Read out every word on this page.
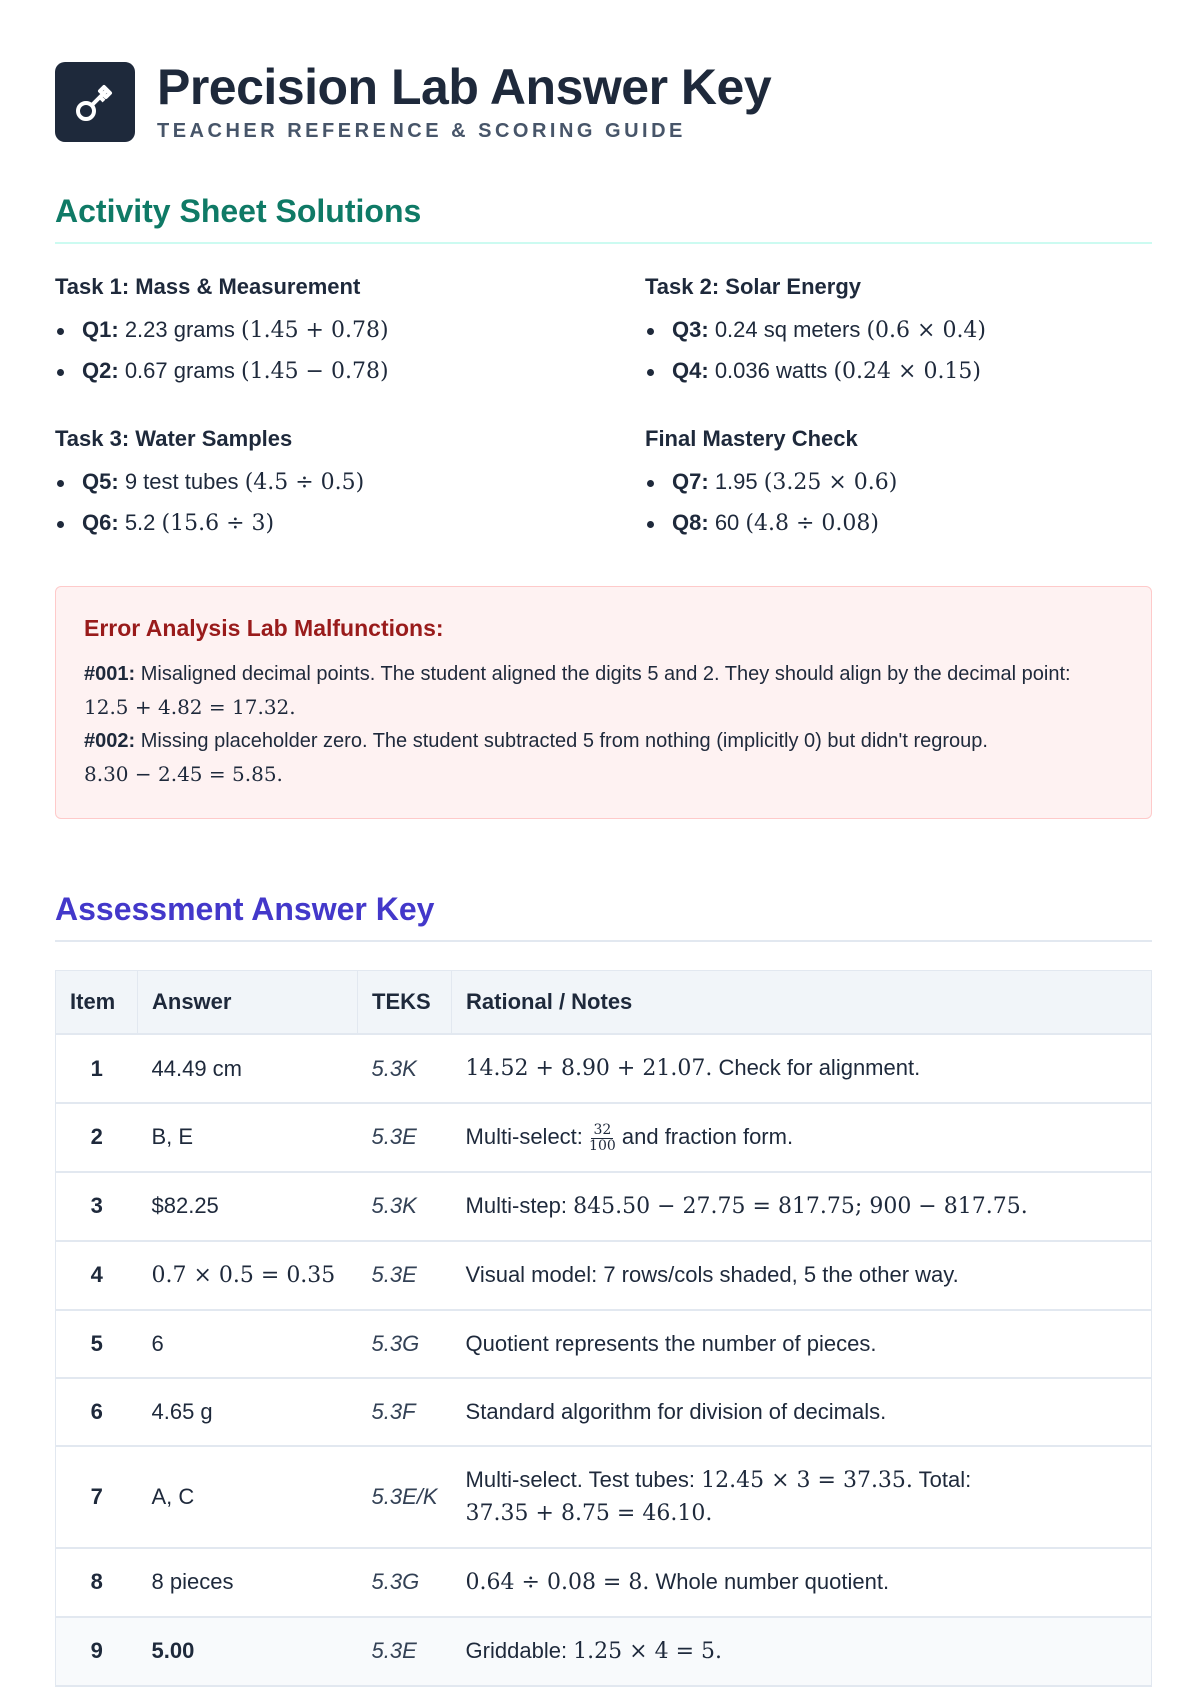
Precision Lab Answer Key
TEACHER REFERENCE & SCORING GUIDE
Activity Sheet Solutions
Task 1: Mass & Measurement
Q1: 2.23 grams (1.45 + 0.78)
Q2: 0.67 grams (1.45 − 0.78)
Task 2: Solar Energy
Q3: 0.24 sq meters (0.6 × 0.4)
Q4: 0.036 watts (0.24 × 0.15)
Task 3: Water Samples
Q5: 9 test tubes (4.5 ÷ 0.5)
Q6: 5.2 (15.6 ÷ 3)
Final Mastery Check
Q7: 1.95 (3.25 × 0.6)
Q8: 60 (4.8 ÷ 0.08)
Error Analysis Lab Malfunctions:

#001: Misaligned decimal points. The student aligned the digits 5 and 2. They should align by the decimal point:
12.5 + 4.82 = 17.32.

#002: Missing placeholder zero. The student subtracted 5 from nothing (implicitly 0) but didn't regroup.
8.30 − 2.45 = 5.85.

Assessment Answer Key
Item	Answer	TEKS	Rational / Notes
1	44.49 cm	5.3K	14.52 + 8.90 + 21.07. Check for alignment.
2	B, E	5.3E	Multi-select: $\frac{32}{100}$ and fraction form.
3	$82.25	5.3K	Multi-step: 845.50 − 27.75 = 817.75; 900 − 817.75.
4	0.7 × 0.5 = 0.35	5.3E	Visual model: 7 rows/cols shaded, 5 the other way.
5	6	5.3G	Quotient represents the number of pieces.
6	4.65 g	5.3F	Standard algorithm for division of decimals.
7	A, C	5.3E/K	Multi-select. Test tubes: 12.45 × 3 = 37.35. Total:
37.35 + 8.75 = 46.10.
8	8 pieces	5.3G	0.64 ÷ 0.08 = 8. Whole number quotient.
9	5.00	5.3E	Griddable: 1.25 × 4 = 5.
